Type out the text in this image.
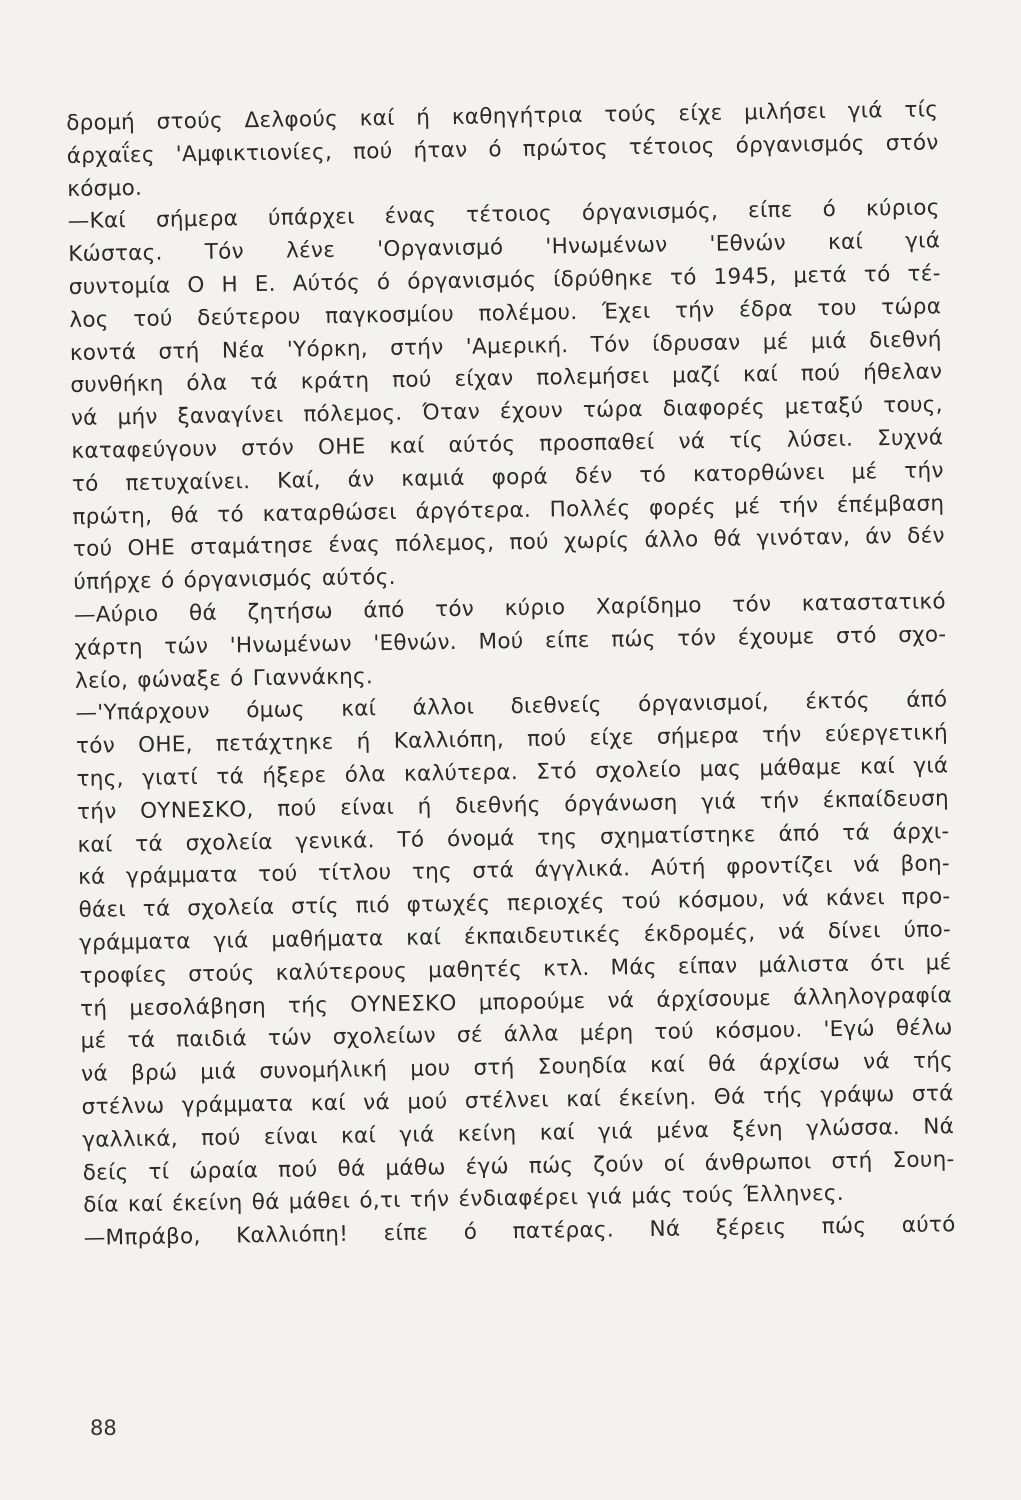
δρομή στούς Δελφούς καί ή καθηγήτρια τούς είχε μιλήσει γιά τίς
άρχαΐες 'Αμφικτιονίες, πού ήταν ό πρώτος τέτοιος όργανισμός στόν
κόσμο.
—Καί σήμερα ύπάρχει ένας τέτοιος όργανισμός, είπε ό κύριος
Κώστας. Τόν λένε 'Οργανισμό 'Ηνωμένων 'Εθνών καί γιά
συντομία Ο Η Ε. Αύτός ό όργανισμός ίδρύθηκε τό 1945, μετά τό τέ-
λος τού δεύτερου παγκοσμίου πολέμου. Έχει τήν έδρα του τώρα
κοντά στή Νέα 'Υόρκη, στήν 'Αμερική. Τόν ίδρυσαν μέ μιά διεθνή
συνθήκη όλα τά κράτη πού είχαν πολεμήσει μαζί καί πού ήθελαν
νά μήν ξαναγίνει πόλεμος. Όταν έχουν τώρα διαφορές μεταξύ τους,
καταφεύγουν στόν ΟΗΕ καί αύτός προσπαθεί νά τίς λύσει. Συχνά
τό πετυχαίνει. Καί, άν καμιά φορά δέν τό κατορθώνει μέ τήν
πρώτη, θά τό καταρθώσει άργότερα. Πολλές φορές μέ τήν έπέμβαση
τού ΟΗΕ σταμάτησε ένας πόλεμος, πού χωρίς άλλο θά γινόταν, άν δέν
ύπήρχε ό όργανισμός αύτός.
—Αύριο θά ζητήσω άπό τόν κύριο Χαρίδημο τόν καταστατικό
χάρτη τών 'Ηνωμένων 'Εθνών. Μού είπε πώς τόν έχουμε στό σχο-
λείο, φώναξε ό Γιαννάκης.
—'Υπάρχουν όμως καί άλλοι διεθνείς όργανισμοί, έκτός άπό
τόν ΟΗΕ, πετάχτηκε ή Καλλιόπη, πού είχε σήμερα τήν εύεργετική
της, γιατί τά ήξερε όλα καλύτερα. Στό σχολείο μας μάθαμε καί γιά
τήν ΟΥΝΕΣΚΟ, πού είναι ή διεθνής όργάνωση γιά τήν έκπαίδευση
καί τά σχολεία γενικά. Τό όνομά της σχηματίστηκε άπό τά άρχι-
κά γράμματα τού τίτλου της στά άγγλικά. Αύτή φροντίζει νά βοη-
θάει τά σχολεία στίς πιό φτωχές περιοχές τού κόσμου, νά κάνει προ-
γράμματα γιά μαθήματα καί έκπαιδευτικές έκδρομές, νά δίνει ύπο-
τροφίες στούς καλύτερους μαθητές κτλ. Μάς είπαν μάλιστα ότι μέ
τή μεσολάβηση τής ΟΥΝΕΣΚΟ μπορούμε νά άρχίσουμε άλληλογραφία
μέ τά παιδιά τών σχολείων σέ άλλα μέρη τού κόσμου. 'Εγώ θέλω
νά βρώ μιά συνομήλική μου στή Σουηδία καί θά άρχίσω νά τής
στέλνω γράμματα καί νά μού στέλνει καί έκείνη. Θά τής γράψω στά
γαλλικά, πού είναι καί γιά κείνη καί γιά μένα ξένη γλώσσα. Νά
δείς τί ώραία πού θά μάθω έγώ πώς ζούν οί άνθρωποι στή Σουη-
δία καί έκείνη θά μάθει ό,τι τήν ένδιαφέρει γιά μάς τούς Έλληνες.
—Μπράβο, Καλλιόπη! είπε ό πατέρας. Νά ξέρεις πώς αύτό
88
